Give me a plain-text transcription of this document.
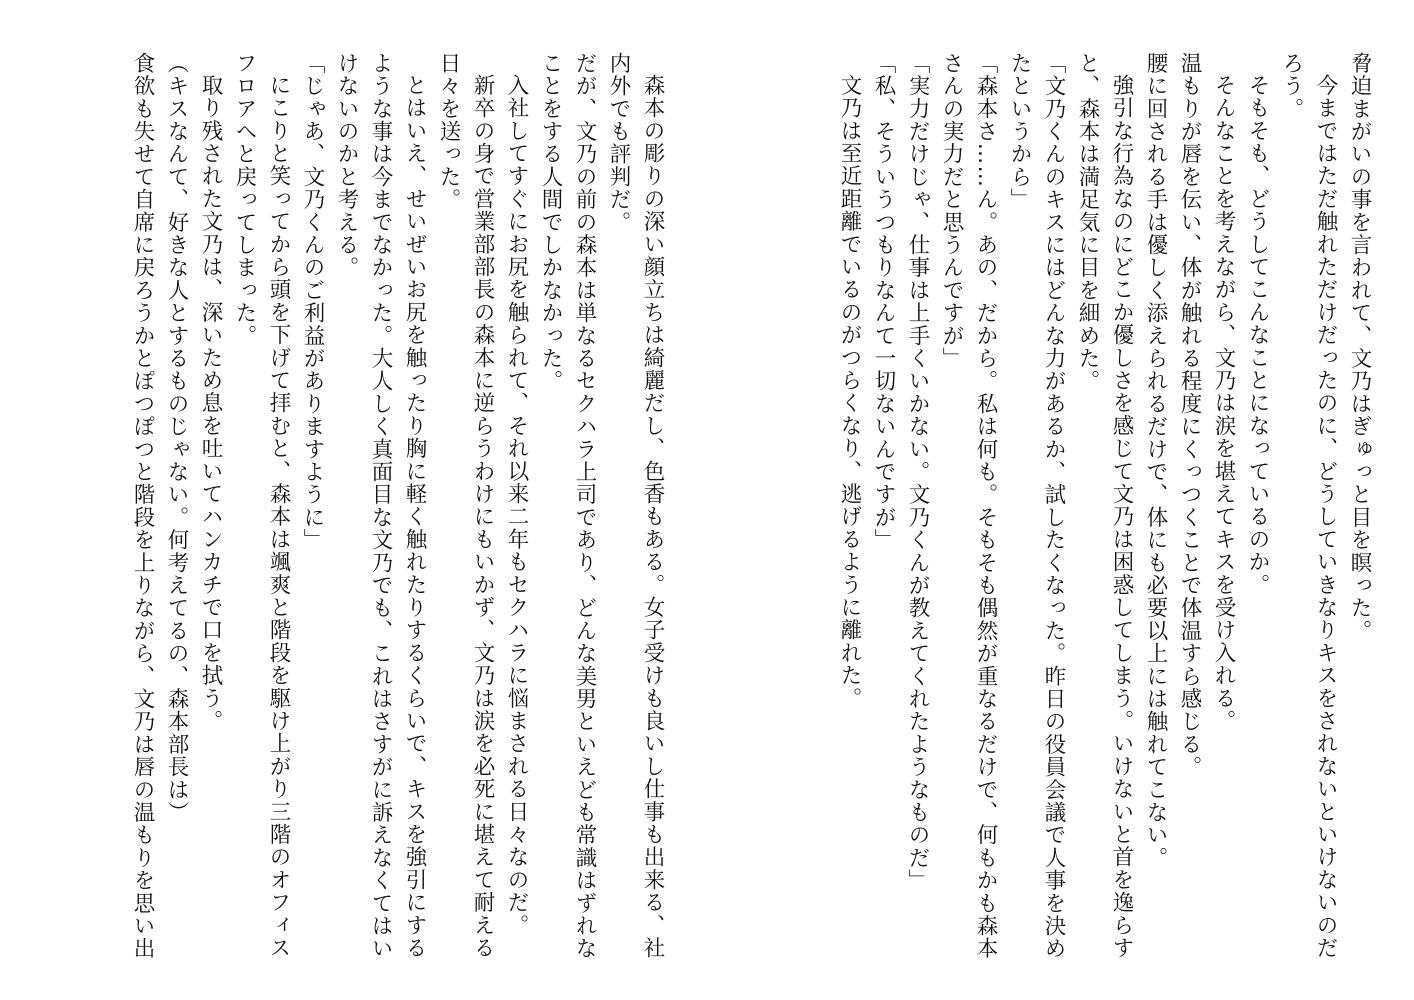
脅迫まがいの事を言われて、文乃はぎゅっと目を瞑った。

今まではただ触れただけだったのに、どうしていきなりキスをされないといけないのだろう。

そもそも、どうしてこんなことになっているのか。

そんなことを考えながら、文乃は涙を堪えてキスを受け入れる。

温もりが唇を伝い、体が触れる程度にくっつくことで体温すら感じる。

腰に回される手は優しく添えられるだけで、体にも必要以上には触れてこない。

強引な行為なのにどこか優しさを感じて文乃は困惑してしまう。いけないと首を逸らすと、森本は満足気に目を細めた。

「文乃くんのキスにはどんな力があるか、試したくなった。昨日の役員会議で人事を決めたというから」

「森本さ……ん。あの、だから。私は何も。そもそも偶然が重なるだけで、何もかも森本さんの実力だと思うんですが」

「実力だけじゃ、仕事は上手くいかない。文乃くんが教えてくれたようなものだ」

「私、そういうつもりなんて一切ないんですが」

文乃は至近距離でいるのがつらくなり、逃げるように離れた。

森本の彫りの深い顔立ちは綺麗だし、色香もある。女子受けも良いし仕事も出来る、社内外でも評判だ。

だが、文乃の前の森本は単なるセクハラ上司であり、どんな美男といえども常識はずれなことをする人間でしかなかった。

入社してすぐにお尻を触られて、それ以来二年もセクハラに悩まされる日々なのだ。

新卒の身で営業部部長の森本に逆らうわけにもいかず、文乃は涙を必死に堪えて耐える日々を送った。

とはいえ、せいぜいお尻を触ったり胸に軽く触れたりするくらいで、キスを強引にするような事は今までなかった。大人しく真面目な文乃でも、これはさすがに訴えなくてはいけないのかと考える。

「じゃあ、文乃くんのご利益がありますように」

にこりと笑ってから頭を下げて拝むと、森本は颯爽と階段を駆け上がり三階のオフィスフロアへと戻ってしまった。

取り残された文乃は、深いため息を吐いてハンカチで口を拭う。

（キスなんて、好きな人とするものじゃない。何考えてるの、森本部長は）

食欲も失せて自席に戻ろうかとぽつぽつと階段を上りながら、文乃は唇の温もりを思い出
